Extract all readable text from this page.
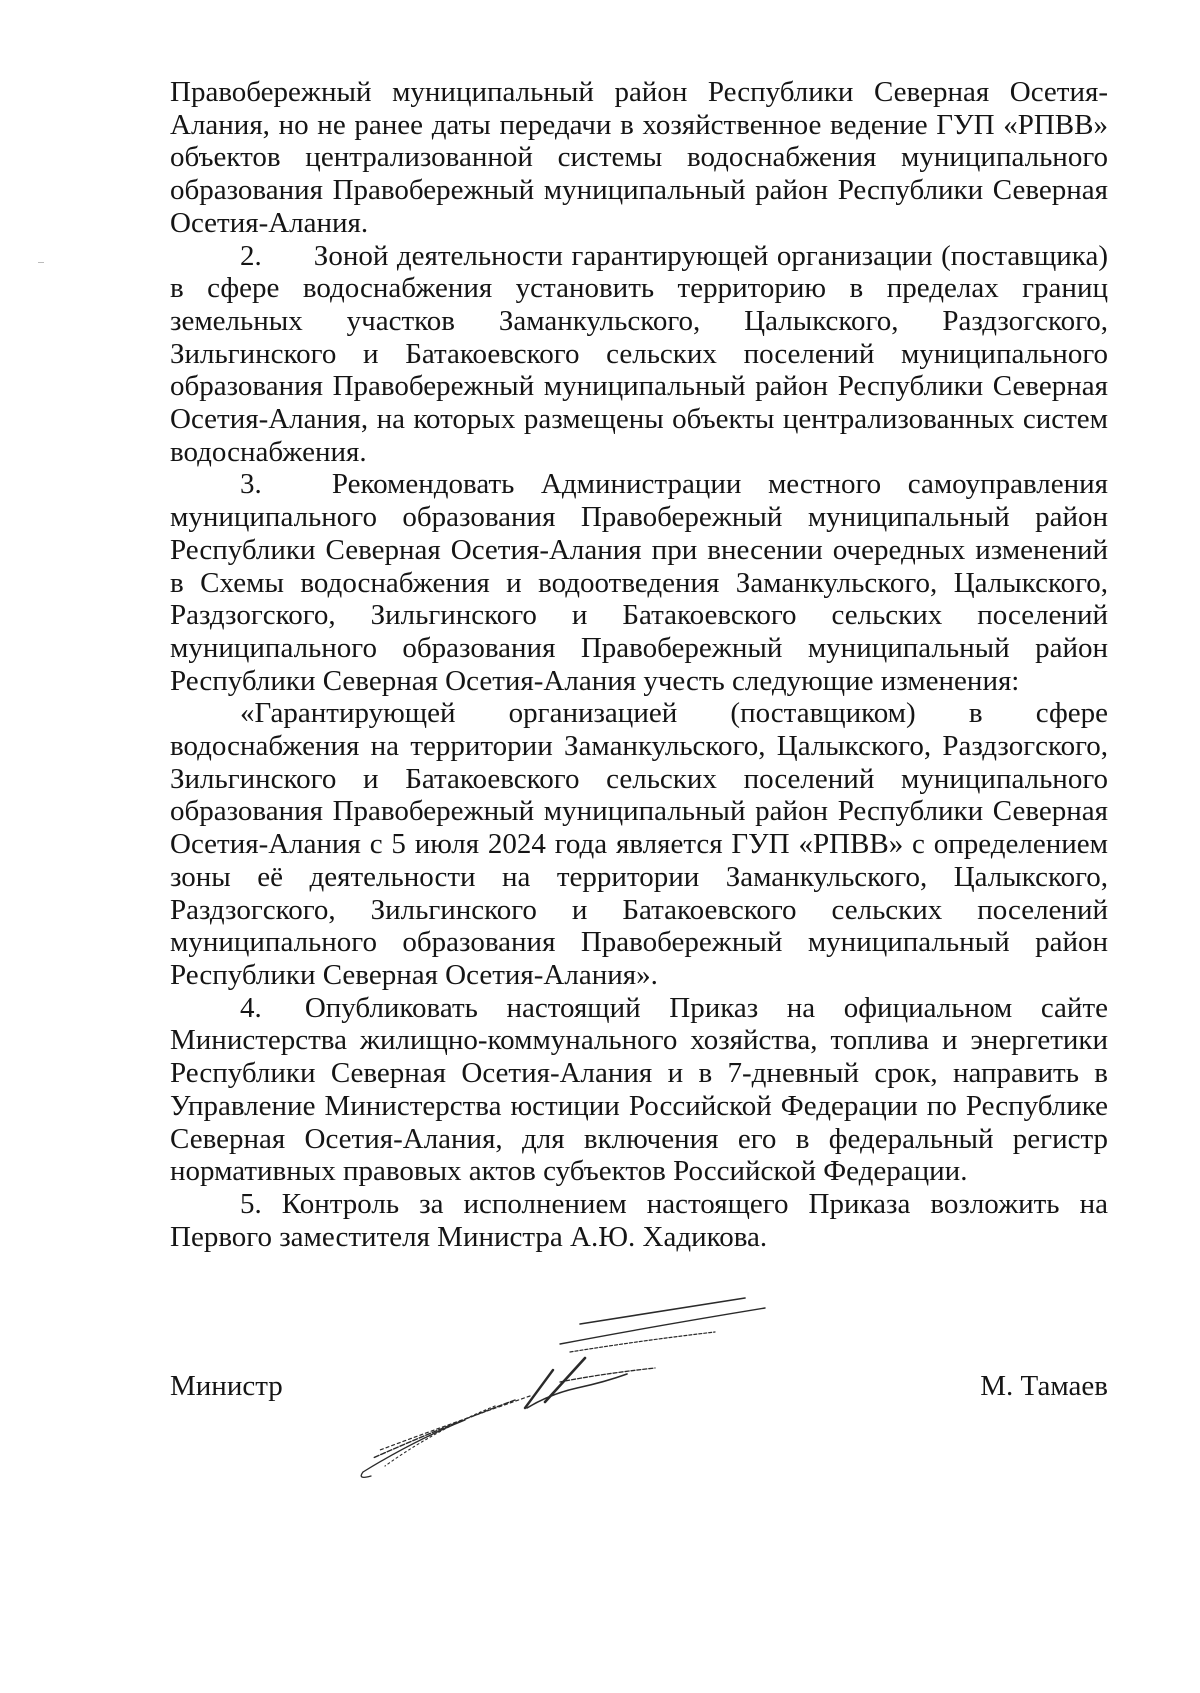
Правобережный муниципальный район Республики Северная Осетия-Алания, но не ранее даты передачи в хозяйственное ведение ГУП «РПВВ» объектов централизованной системы водоснабжения муниципального образования Правобережный муниципальный район Республики Северная Осетия-Алания.

2.   Зоной деятельности гарантирующей организации (поставщика) в сфере водоснабжения установить территорию в пределах границ земельных участков Заманкульского, Цалыкского, Раздзогского, Зильгинского и Батакоевского сельских поселений муниципального образования Правобережный муниципальный район Республики Северная Осетия-Алания, на которых размещены объекты централизованных систем водоснабжения.

3.   Рекомендовать Администрации местного самоуправления муниципального образования Правобережный муниципальный район Республики Северная Осетия-Алания при внесении очередных изменений в Схемы водоснабжения и водоотведения Заманкульского, Цалыкского, Раздзогского, Зильгинского и Батакоевского сельских поселений муниципального образования Правобережный муниципальный район Республики Северная Осетия-Алания учесть следующие изменения:

«Гарантирующей организацией (поставщиком) в сфере водоснабжения на территории Заманкульского, Цалыкского, Раздзогского, Зильгинского и Батакоевского сельских поселений муниципального образования Правобережный муниципальный район Республики Северная Осетия-Алания с 5 июля 2024 года является ГУП «РПВВ» с определением зоны её деятельности на территории Заманкульского, Цалыкского, Раздзогского, Зильгинского и Батакоевского сельских поселений муниципального образования Правобережный муниципальный район Республики Северная Осетия-Алания».

4.  Опубликовать настоящий Приказ на официальном сайте Министерства жилищно-коммунального хозяйства, топлива и энергетики Республики Северная Осетия-Алания и в 7-дневный срок, направить в Управление Министерства юстиции Российской Федерации по Республике Северная Осетия-Алания, для включения его в федеральный регистр нормативных правовых актов субъектов Российской Федерации.

5. Контроль за исполнением настоящего Приказа возложить на Первого заместителя Министра А.Ю. Хадикова.

Министр	М. Тамаев
